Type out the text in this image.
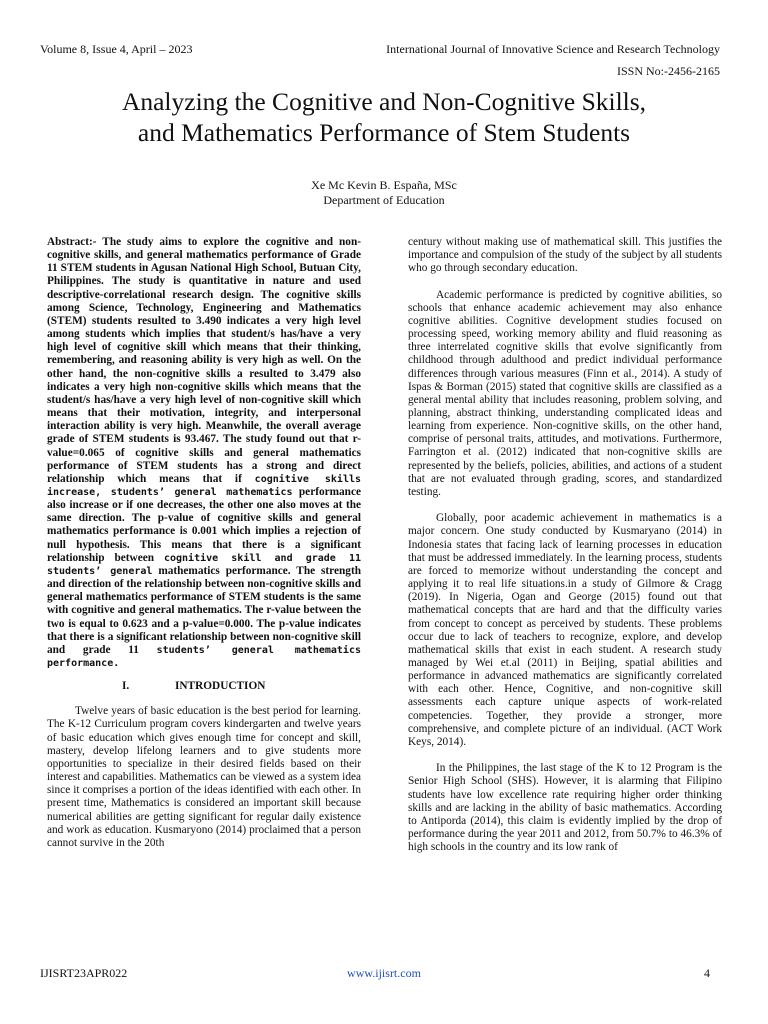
Volume 8, Issue 4, April – 2023	International Journal of Innovative Science and Research Technology
ISSN No:-2456-2165
Analyzing the Cognitive and Non-Cognitive Skills,
and Mathematics Performance of Stem Students
Xe Mc Kevin B. España, MSc
Department of Education

Abstract:- The study aims to explore the cognitive and non-cognitive skills, and general mathematics performance of Grade 11 STEM students in Agusan National High School, Butuan City, Philippines. The study is quantitative in nature and used descriptive-correlational research design. The cognitive skills among Science, Technology, Engineering and Mathematics (STEM) students resulted to 3.490 indicates a very high level among students which implies that student/s has/have a very high level of cognitive skill which means that their thinking, remembering, and reasoning ability is very high as well. On the other hand, the non-cognitive skills a resulted to 3.479 also indicates a very high non-cognitive skills which means that the student/s has/have a very high level of non-cognitive skill which means that their motivation, integrity, and interpersonal interaction ability is very high. Meanwhile, the overall average grade of STEM students is 93.467. The study found out that r-value=0.065 of cognitive skills and general mathematics performance of STEM students has a strong and direct relationship which means that if cognitive skills increase, students’ general mathematics performance also increase or if one decreases, the other one also moves at the same direction. The p-value of cognitive skills and general mathematics performance is 0.001 which implies a rejection of null hypothesis. This means that there is a significant relationship between cognitive skill and grade 11 students’ general mathematics performance. The strength and direction of the relationship between non-cognitive skills and general mathematics performance of STEM students is the same with cognitive and general mathematics. The r-value between the two is equal to 0.623 and a p-value=0.000. The p-value indicates that there is a significant relationship between non-cognitive skill and grade 11 students’ general mathematics performance.

I.	INTRODUCTION

Twelve years of basic education is the best period for learning. The K-12 Curriculum program covers kindergarten and twelve years of basic education which gives enough time for concept and skill, mastery, develop lifelong learners and to give students more opportunities to specialize in their desired fields based on their interest and capabilities. Mathematics can be viewed as a system idea since it comprises a portion of the ideas identified with each other. In present time, Mathematics is considered an important skill because numerical abilities are getting significant for regular daily existence and work as education. Kusmaryono (2014) proclaimed that a person cannot survive in the 20th

century without making use of mathematical skill. This justifies the importance and compulsion of the study of the subject by all students who go through secondary education.

Academic performance is predicted by cognitive abilities, so schools that enhance academic achievement may also enhance cognitive abilities. Cognitive development studies focused on processing speed, working memory ability and fluid reasoning as three interrelated cognitive skills that evolve significantly from childhood through adulthood and predict individual performance differences through various measures (Finn et al., 2014). A study of Ispas & Borman (2015) stated that cognitive skills are classified as a general mental ability that includes reasoning, problem solving, and planning, abstract thinking, understanding complicated ideas and learning from experience. Non-cognitive skills, on the other hand, comprise of personal traits, attitudes, and motivations. Furthermore, Farrington et al. (2012) indicated that non-cognitive skills are represented by the beliefs, policies, abilities, and actions of a student that are not evaluated through grading, scores, and standardized testing.

Globally, poor academic achievement in mathematics is a major concern. One study conducted by Kusmaryano (2014) in Indonesia states that facing lack of learning processes in education that must be addressed immediately. In the learning process, students are forced to memorize without understanding the concept and applying it to real life situations.in a study of Gilmore & Cragg (2019). In Nigeria, Ogan and George (2015) found out that mathematical concepts that are hard and that the difficulty varies from concept to concept as perceived by students. These problems occur due to lack of teachers to recognize, explore, and develop mathematical skills that exist in each student. A research study managed by Wei et.al (2011) in Beijing, spatial abilities and performance in advanced mathematics are significantly correlated with each other. Hence, Cognitive, and non-cognitive skill assessments each capture unique aspects of work-related competencies. Together, they provide a stronger, more comprehensive, and complete picture of an individual. (ACT Work Keys, 2014).

In the Philippines, the last stage of the K to 12 Program is the Senior High School (SHS). However, it is alarming that Filipino students have low excellence rate requiring higher order thinking skills and are lacking in the ability of basic mathematics. According to Antiporda (2014), this claim is evidently implied by the drop of performance during the year 2011 and 2012, from 50.7% to 46.3% of high schools in the country and its low rank of

IJISRT23APR022	www.ijisrt.com	4
